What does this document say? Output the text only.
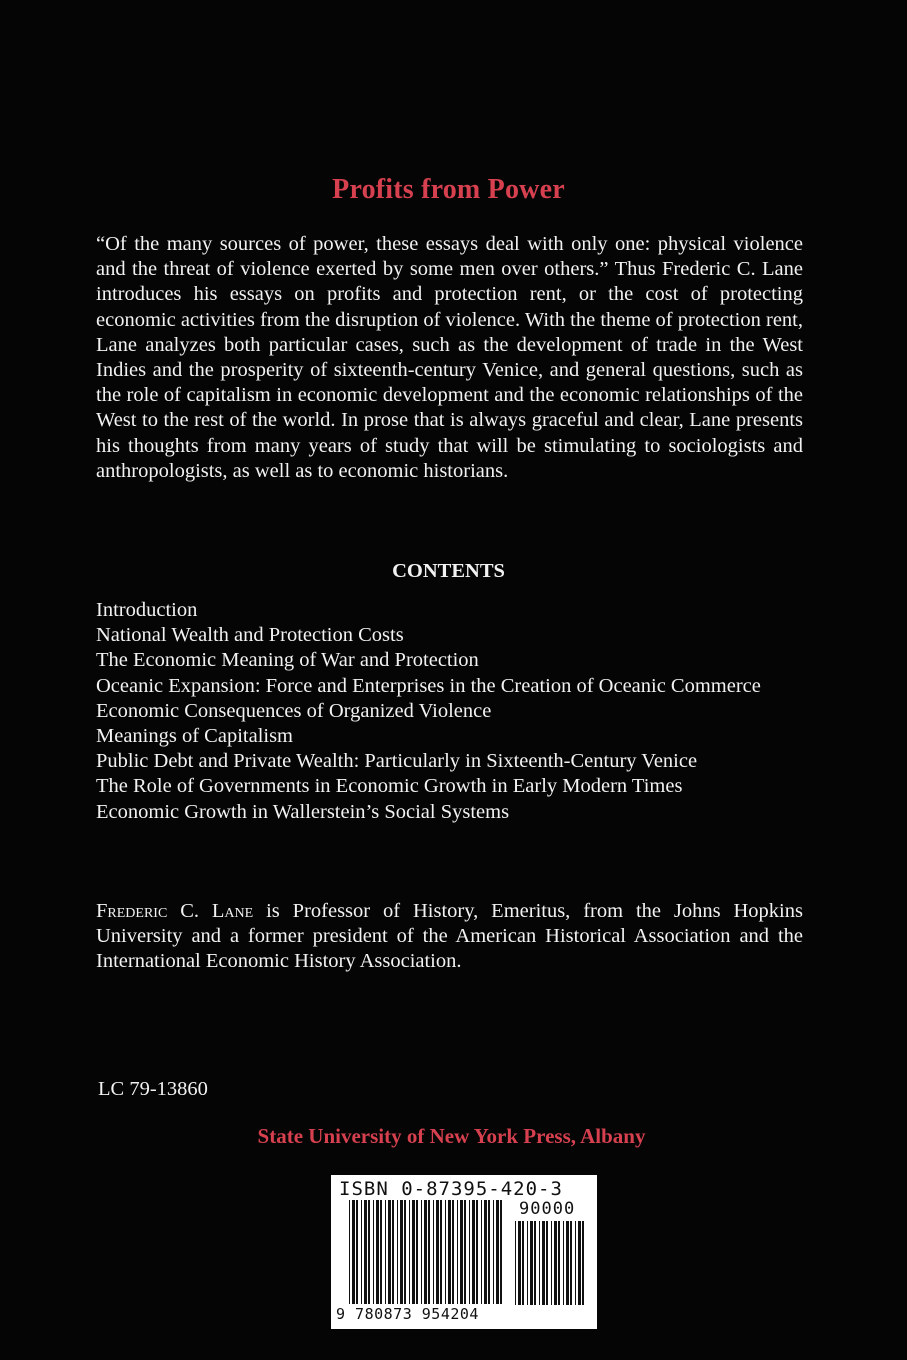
Profits from Power

“Of the many sources of power, these essays deal with only one: physical violence and the threat of violence exerted by some men over others.” Thus Frederic C. Lane introduces his essays on profits and protection rent, or the cost of protecting economic activities from the disruption of violence. With the theme of protection rent, Lane analyzes both particular cases, such as the development of trade in the West Indies and the prosperity of sixteenth-century Venice, and general questions, such as the role of capitalism in economic development and the economic relationships of the West to the rest of the world. In prose that is always graceful and clear, Lane presents his thoughts from many years of study that will be stimulating to sociologists and anthropologists, as well as to economic historians.

CONTENTS
Introduction
National Wealth and Protection Costs
The Economic Meaning of War and Protection
Oceanic Expansion: Force and Enterprises in the Creation of Oceanic Commerce
Economic Consequences of Organized Violence
Meanings of Capitalism
Public Debt and Private Wealth: Particularly in Sixteenth-Century Venice
The Role of Governments in Economic Growth in Early Modern Times
Economic Growth in Wallerstein’s Social Systems

Frederic C. Lane is Professor of History, Emeritus, from the Johns Hopkins University and a former president of the American Historical Association and the International Economic History Association.

LC 79-13860

State University of New York Press, Albany

ISBN 0-87395-420-3
90000
9 780873 954204
